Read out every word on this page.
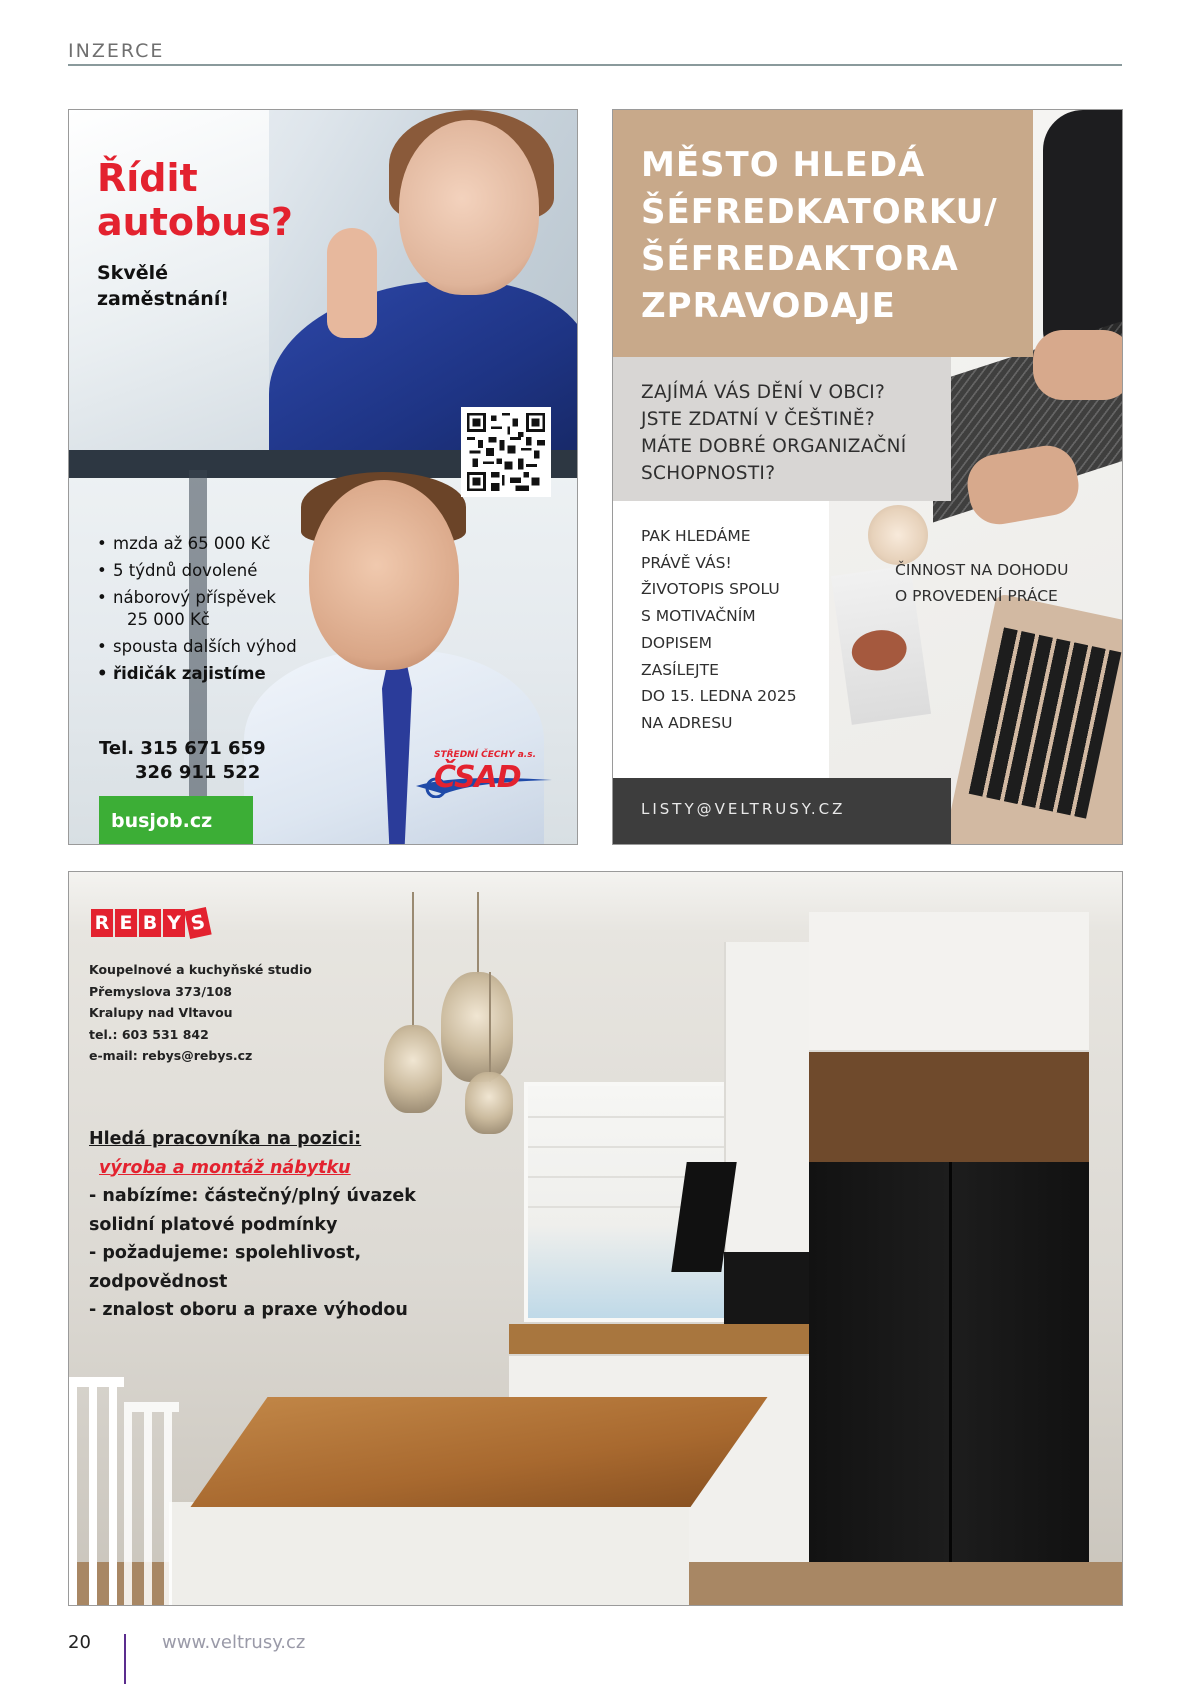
INZERCE
Řídit
autobus?
Skvělé
zaměstnání!
• mzda až 65 000 Kč
• 5 týdnů dovolené
• náborový příspěvek
25 000 Kč
• spousta dalších výhod
• řidičák zajistíme
Tel. 315 671 659
326 911 522
busjob.cz
STŘEDNÍ ČECHY a.s.
ČSAD
MĚSTO HLEDÁ
ŠÉFREDKATORKU/
ŠÉFREDAKTORA
ZPRAVODAJE
ZAJÍMÁ VÁS DĚNÍ V OBCI?
JSTE ZDATNÍ V ČEŠTINĚ?
MÁTE DOBRÉ ORGANIZAČNÍ
SCHOPNOSTI?
PAK HLEDÁME
PRÁVĚ VÁS!
ŽIVOTOPIS SPOLU
S MOTIVAČNÍM
DOPISEM
ZASÍLEJTE
DO 15. LEDNA 2025
NA ADRESU
ČINNOST NA DOHODU
O PROVEDENÍ PRÁCE
LISTY@VELTRUSY.CZ
R E B Y S
Koupelnové a kuchyňské studio
Přemyslova 373/108
Kralupy nad Vltavou
tel.: 603 531 842
e-mail: rebys@rebys.cz
Hledá pracovníka na pozici:
výroba a montáž nábytku
- nabízíme: částečný/plný úvazek
solidní platové podmínky
- požadujeme: spolehlivost,
zodpovědnost
- znalost oboru a praxe výhodou
20	www.veltrusy.cz
